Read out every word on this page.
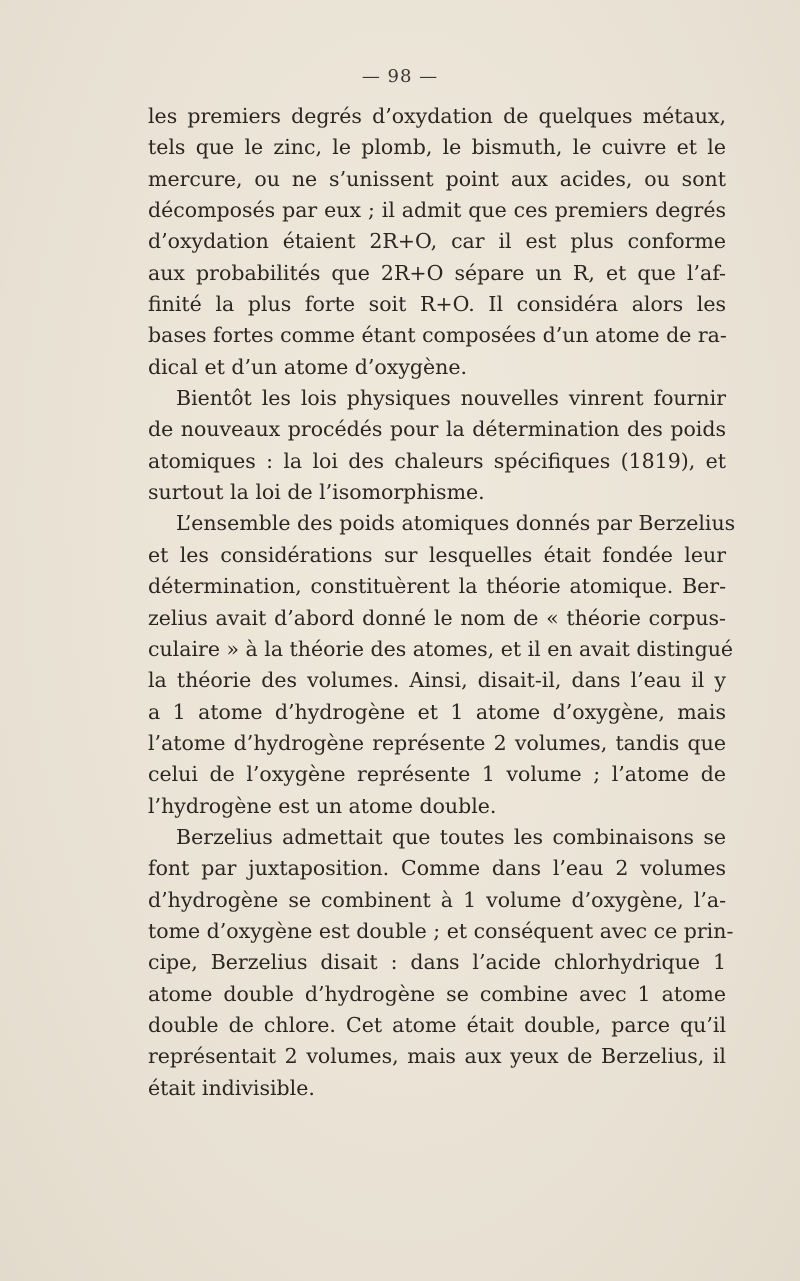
— 98 —
les premiers degrés d’oxydation de quelques métaux,
tels que le zinc, le plomb, le bismuth, le cuivre et le
mercure, ou ne s’unissent point aux acides, ou sont
décomposés par eux ; il admit que ces premiers degrés
d’oxydation étaient 2R+O, car il est plus conforme
aux probabilités que 2R+O sépare un R, et que l’af-
finité la plus forte soit R+O. Il considéra alors les
bases fortes comme étant composées d’un atome de ra-
dical et d’un atome d’oxygène.
Bientôt les lois physiques nouvelles vinrent fournir
de nouveaux procédés pour la détermination des poids
atomiques : la loi des chaleurs spécifiques (1819), et
surtout la loi de l’isomorphisme.
L’ensemble des poids atomiques donnés par Berzelius
et les considérations sur lesquelles était fondée leur
détermination, constituèrent la théorie atomique. Ber-
zelius avait d’abord donné le nom de « théorie corpus-
culaire » à la théorie des atomes, et il en avait distingué
la théorie des volumes. Ainsi, disait-il, dans l’eau il y
a 1 atome d’hydrogène et 1 atome d’oxygène, mais
l’atome d’hydrogène représente 2 volumes, tandis que
celui de l’oxygène représente 1 volume ; l’atome de
l’hydrogène est un atome double.
Berzelius admettait que toutes les combinaisons se
font par juxtaposition. Comme dans l’eau 2 volumes
d’hydrogène se combinent à 1 volume d’oxygène, l’a-
tome d’oxygène est double ; et conséquent avec ce prin-
cipe, Berzelius disait : dans l’acide chlorhydrique 1
atome double d’hydrogène se combine avec 1 atome
double de chlore. Cet atome était double, parce qu’il
représentait 2 volumes, mais aux yeux de Berzelius, il
était indivisible.
